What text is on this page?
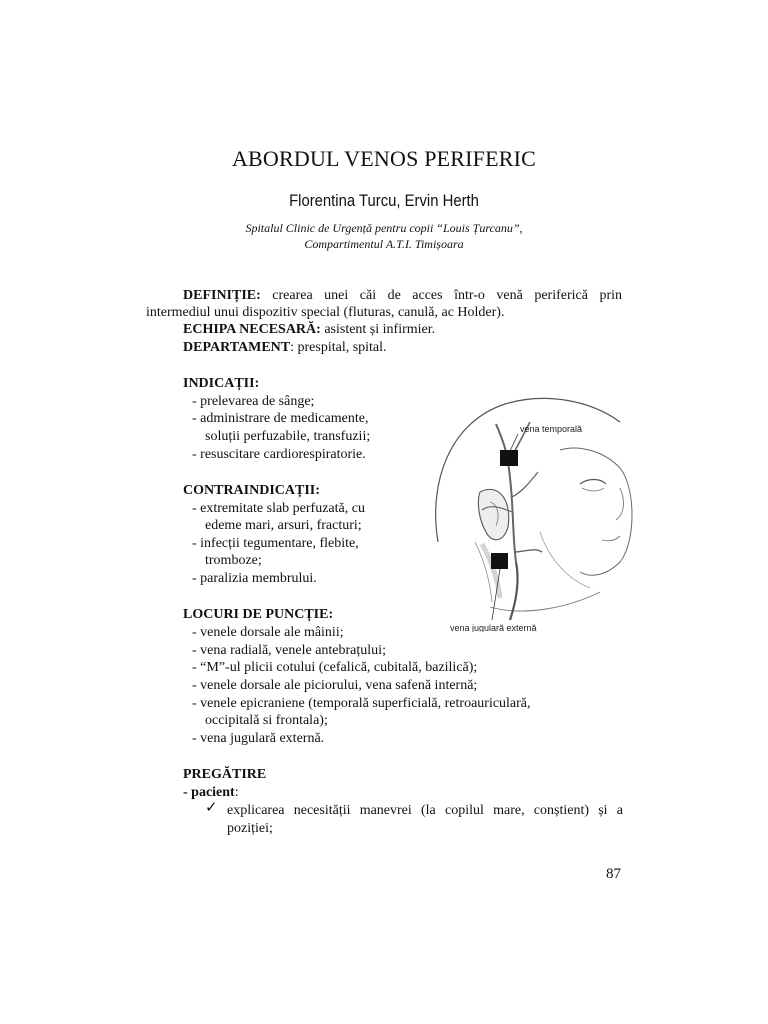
ABORDUL VENOS PERIFERIC
Florentina Turcu, Ervin Herth
Spitalul Clinic de Urgență pentru copii “Louis Țurcanu”,
Compartimentul A.T.I. Timișoara
DEFINIȚIE: crearea unei căi de acces într-o venă periferică prin
intermediul unui dispozitiv special (fluturas, canulă, ac Holder).
ECHIPA NECESARĂ: asistent și infirmier.
DEPARTAMENT: prespital, spital.
INDICAȚII:
- prelevarea de sânge;
- administrare de medicamente,
soluții perfuzabile, transfuzii;
- resuscitare cardiorespiratorie.
CONTRAINDICAȚII:
- extremitate slab perfuzată, cu
edeme mari, arsuri, fracturi;
- infecții tegumentare, flebite,
tromboze;
- paralizia membrului.
LOCURI DE PUNCȚIE:
- venele dorsale ale mâinii;
- vena radială, venele antebrațului;
- “M”-ul plicii cotului (cefalică, cubitală, bazilică);
- venele dorsale ale piciorului, vena safenă internă;
- venele epicraniene (temporală superficială, retroauriculară,
occipitală si frontala);
- vena jugulară externă.
PREGĂTIRE
- pacient:
✓ explicarea necesității manevrei (la copilul mare, conștient) și a
poziției;
vena temporală
vena jugulară externă
87
